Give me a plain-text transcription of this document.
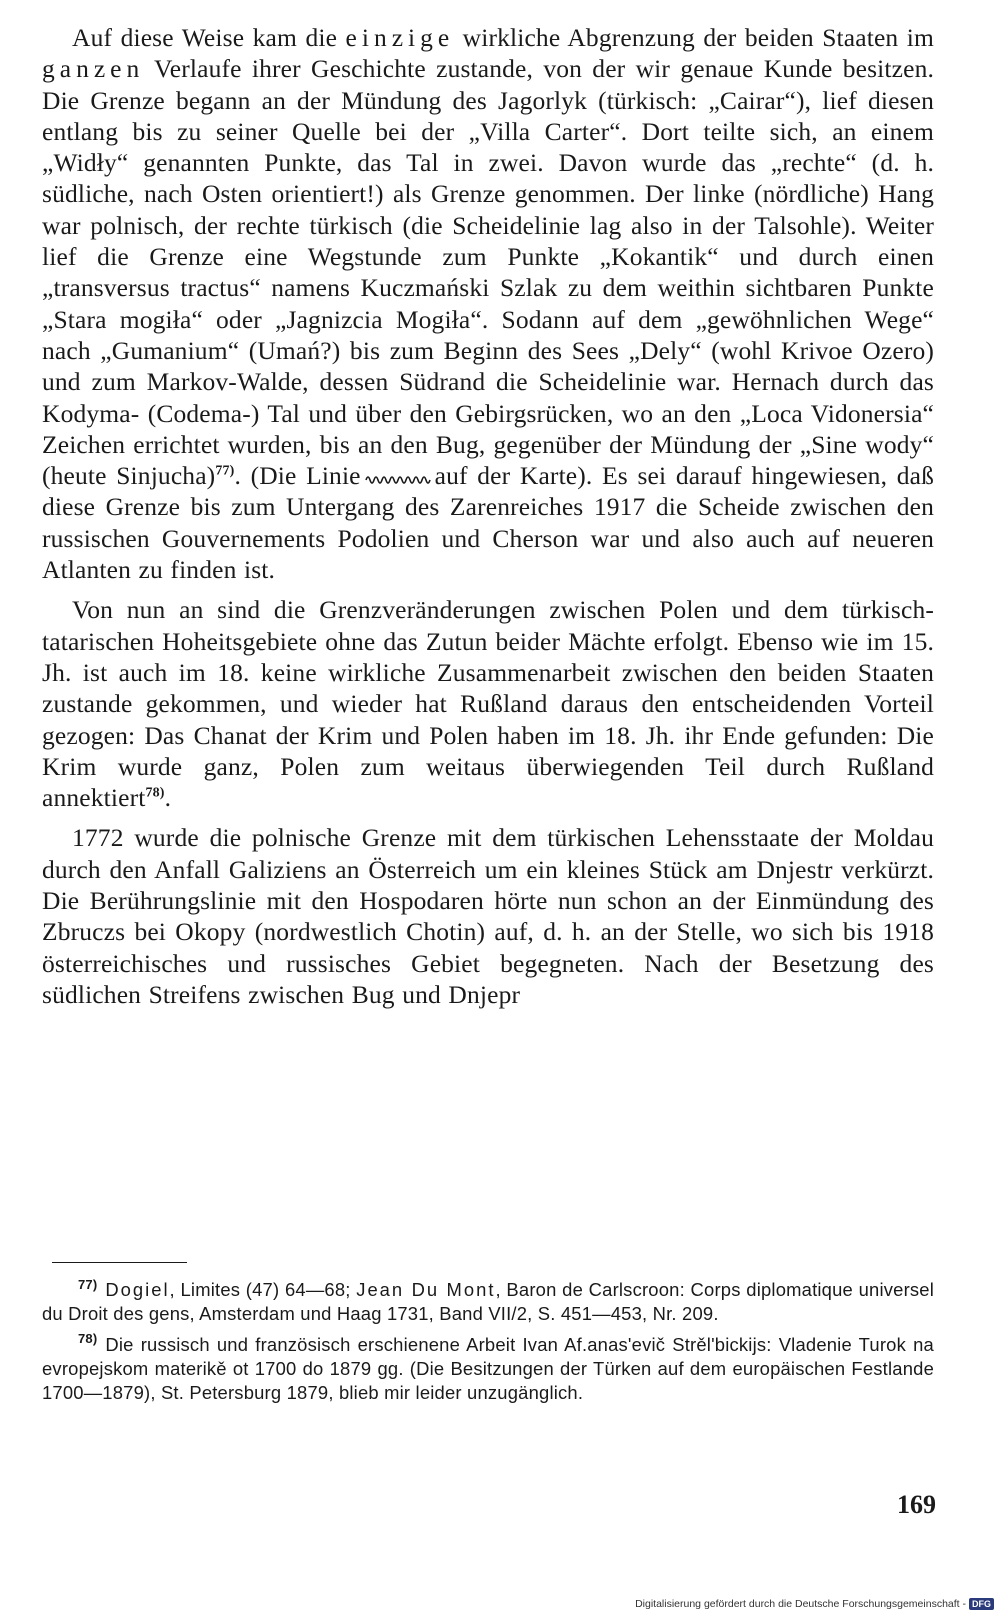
Auf diese Weise kam die einzige wirkliche Abgrenzung der beiden Staaten im ganzen Verlaufe ihrer Geschichte zustande, von der wir genaue Kunde besitzen. Die Grenze begann an der Mündung des Jagorlyk (türkisch: „Cairar“), lief diesen entlang bis zu seiner Quelle bei der „Villa Carter“. Dort teilte sich, an einem „Widły“ genannten Punkte, das Tal in zwei. Davon wurde das „rechte“ (d. h. südliche, nach Osten orientiert!) als Grenze genommen. Der linke (nördliche) Hang war polnisch, der rechte türkisch (die Scheidelinie lag also in der Talsohle). Weiter lief die Grenze eine Wegstunde zum Punkte „Kokantik“ und durch einen „transversus tractus“ namens Kuczmański Szlak zu dem weithin sichtbaren Punkte „Stara mogiła“ oder „Jagnizcia Mogiła“. Sodann auf dem „gewöhnlichen Wege“ nach „Gumanium“ (Umań?) bis zum Beginn des Sees „Dely“ (wohl Krivoe Ozero) und zum Markov-Walde, dessen Südrand die Scheidelinie war. Hernach durch das Kodyma- (Codema-) Tal und über den Gebirgsrücken, wo an den „Loca Vidonersia“ Zeichen errichtet wurden, bis an den Bug, gegenüber der Mündung der „Sine wody“ (heute Sinjucha)$^{77)}$. (Die Linie	auf der Karte). Es sei darauf hingewiesen, daß diese Grenze bis zum Untergang des Zarenreiches 1917 die Scheide zwischen den russischen Gouvernements Podolien und Cherson war und also auch auf neueren Atlanten zu finden ist.

Von nun an sind die Grenzveränderungen zwischen Polen und dem türkisch-tatarischen Hoheitsgebiete ohne das Zutun beider Mächte erfolgt. Ebenso wie im 15. Jh. ist auch im 18. keine wirkliche Zusammenarbeit zwischen den beiden Staaten zustande gekommen, und wieder hat Rußland daraus den entscheidenden Vorteil gezogen: Das Chanat der Krim und Polen haben im 18. Jh. ihr Ende gefunden: Die Krim wurde ganz, Polen zum weitaus überwiegenden Teil durch Rußland annektiert$^{78)}$.

1772 wurde die polnische Grenze mit dem türkischen Lehensstaate der Moldau durch den Anfall Galiziens an Österreich um ein kleines Stück am Dnjestr verkürzt. Die Berührungslinie mit den Hospodaren hörte nun schon an der Einmündung des Zbruczs bei Okopy (nordwestlich Chotin) auf, d. h. an der Stelle, wo sich bis 1918 österreichisches und russisches Gebiet begegneten. Nach der Besetzung des südlichen Streifens zwischen Bug und Dnjepr

$^{77)}$ Dogiel, Limites (47) 64—68; Jean Du Mont, Baron de Carlscroon: Corps diplomatique universel du Droit des gens, Amsterdam und Haag 1731, Band VII/2, S. 451—453, Nr. 209.

$^{78)}$ Die russisch und französisch erschienene Arbeit Ivan Af.anas'evič Strěl'bickijs: Vladenie Turok na evropejskom materikě ot 1700 do 1879 gg. (Die Besitzungen der Türken auf dem europäischen Festlande 1700—1879), St. Petersburg 1879, blieb mir leider unzugänglich.

169
Digitalisierung gefördert durch die Deutsche Forschungsgemeinschaft - DFG
